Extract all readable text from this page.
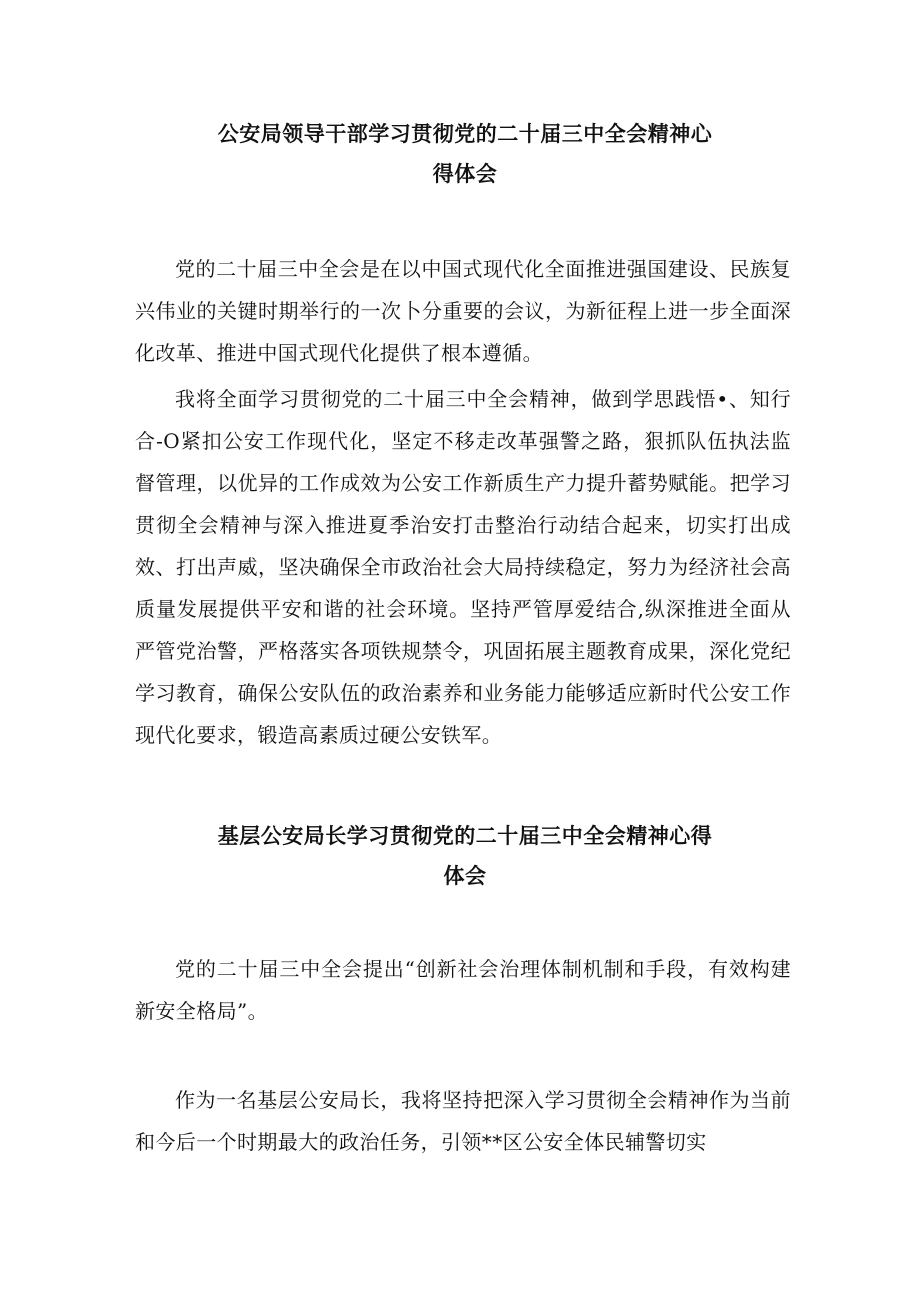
公安局领导干部学习贯彻党的二十届三中全会精神心
得体会

党的二十届三中全会是在以中国式现代化全面推进强国建设、民族复兴伟业的关键时期举行的一次卜分重要的会议，为新征程上进一步全面深化改革、推进中国式现代化提供了根本遵循。

我将全面学习贯彻党的二十届三中全会精神，做到学思践悟•、知行合-O紧扣公安工作现代化，坚定不移走改革强警之路，狠抓队伍执法监督管理，以优异的工作成效为公安工作新质生产力提升蓄势赋能。把学习贯彻全会精神与深入推进夏季治安打击整治行动结合起来，切实打出成效、打出声威，坚决确保全市政治社会大局持续稳定，努力为经济社会高质量发展提供平安和谐的社会环境。坚持严管厚爱结合,纵深推进全面从严管党治警，严格落实各项铁规禁令，巩固拓展主题教育成果，深化党纪学习教育，确保公安队伍的政治素养和业务能力能够适应新时代公安工作现代化要求，锻造高素质过硬公安铁军。

基层公安局长学习贯彻党的二十届三中全会精神心得
体会

党的二十届三中全会提出“创新社会治理体制机制和手段，有效构建新安全格局”。

作为一名基层公安局长，我将坚持把深入学习贯彻全会精神作为当前和今后一个时期最大的政治任务，引领**区公安全体民辅警切实
